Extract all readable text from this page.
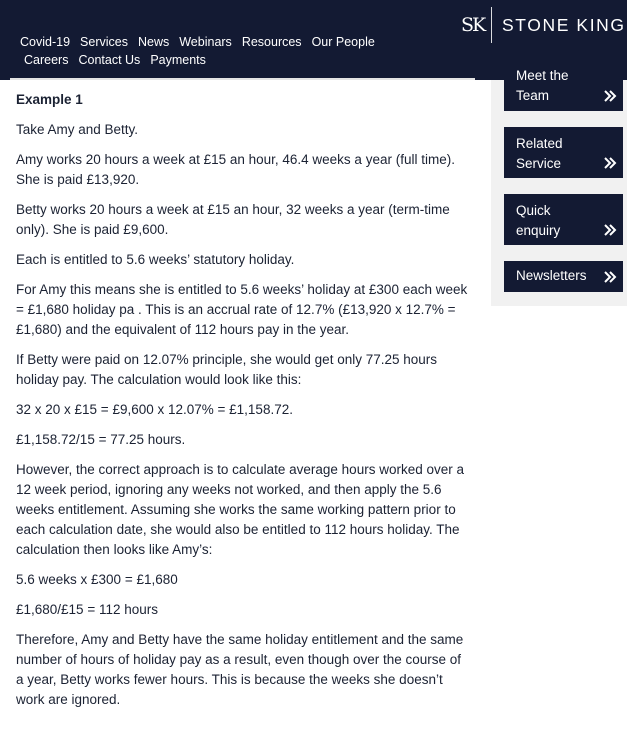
Covid-19 Services News Webinars Resources Our People
Careers Contact Us Payments
SK STONE KING
Meet the Team
Related Service
Quick enquiry
Newsletters

Example 1

Take Amy and Betty.

Amy works 20 hours a week at £15 an hour, 46.4 weeks a year (full time). She is paid £13,920.

Betty works 20 hours a week at £15 an hour, 32 weeks a year (term-time only). She is paid £9,600.

Each is entitled to 5.6 weeks’ statutory holiday.

For Amy this means she is entitled to 5.6 weeks’ holiday at £300 each week = £1,680 holiday pa . This is an accrual rate of 12.7% (£13,920 x 12.7% = £1,680) and the equivalent of 112 hours pay in the year.

If Betty were paid on 12.07% principle, she would get only 77.25 hours holiday pay. The calculation would look like this:

32 x 20 x £15 = £9,600 x 12.07% = £1,158.72.

£1,158.72/15 = 77.25 hours.

However, the correct approach is to calculate average hours worked over a 12 week period, ignoring any weeks not worked, and then apply the 5.6 weeks entitlement. Assuming she works the same working pattern prior to each calculation date, she would also be entitled to 112 hours holiday. The calculation then looks like Amy’s:

5.6 weeks x £300 = £1,680

£1,680/£15 = 112 hours

Therefore, Amy and Betty have the same holiday entitlement and the same number of hours of holiday pay as a result, even though over the course of a year, Betty works fewer hours. This is because the weeks she doesn’t work are ignored.
